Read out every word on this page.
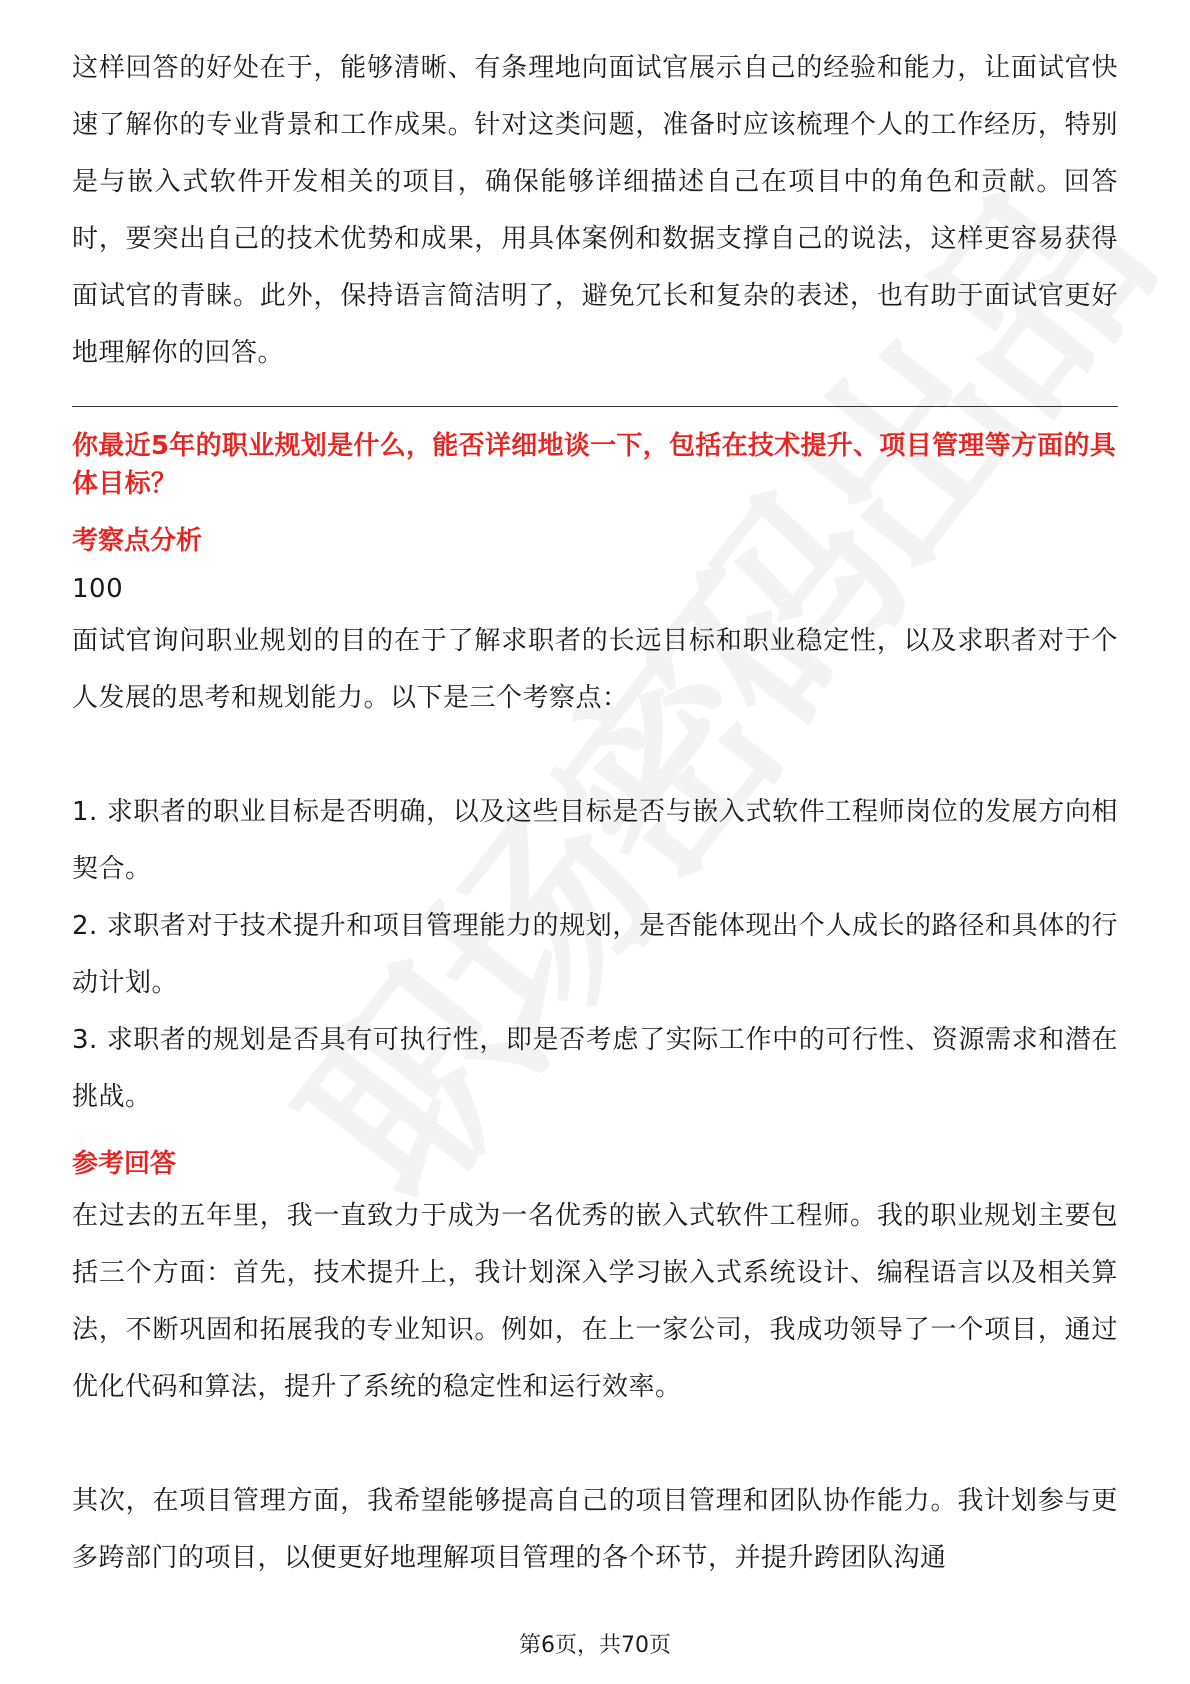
这样回答的好处在于，能够清晰、有条理地向面试官展示自己的经验和能力，让面试官快速了解你的专业背景和工作成果。针对这类问题，准备时应该梳理个人的工作经历，特别是与嵌入式软件开发相关的项目，确保能够详细描述自己在项目中的角色和贡献。回答时，要突出自己的技术优势和成果，用具体案例和数据支撑自己的说法，这样更容易获得面试官的青睐。此外，保持语言简洁明了，避免冗长和复杂的表述，也有助于面试官更好地理解你的回答。

你最近5年的职业规划是什么，能否详细地谈一下，包括在技术提升、项目管理等方面的具体目标？

考察点分析

100

面试官询问职业规划的目的在于了解求职者的长远目标和职业稳定性，以及求职者对于个人发展的思考和规划能力。以下是三个考察点：

1. 求职者的职业目标是否明确，以及这些目标是否与嵌入式软件工程师岗位的发展方向相契合。

2. 求职者对于技术提升和项目管理能力的规划，是否能体现出个人成长的路径和具体的行动计划。

3. 求职者的规划是否具有可执行性，即是否考虑了实际工作中的可行性、资源需求和潜在挑战。

参考回答

在过去的五年里，我一直致力于成为一名优秀的嵌入式软件工程师。我的职业规划主要包括三个方面：首先，技术提升上，我计划深入学习嵌入式系统设计、编程语言以及相关算法，不断巩固和拓展我的专业知识。例如，在上一家公司，我成功领导了一个项目，通过优化代码和算法，提升了系统的稳定性和运行效率。

其次，在项目管理方面，我希望能够提高自己的项目管理和团队协作能力。我计划参与更多跨部门的项目，以便更好地理解项目管理的各个环节，并提升跨团队沟通

第6页，共70页
